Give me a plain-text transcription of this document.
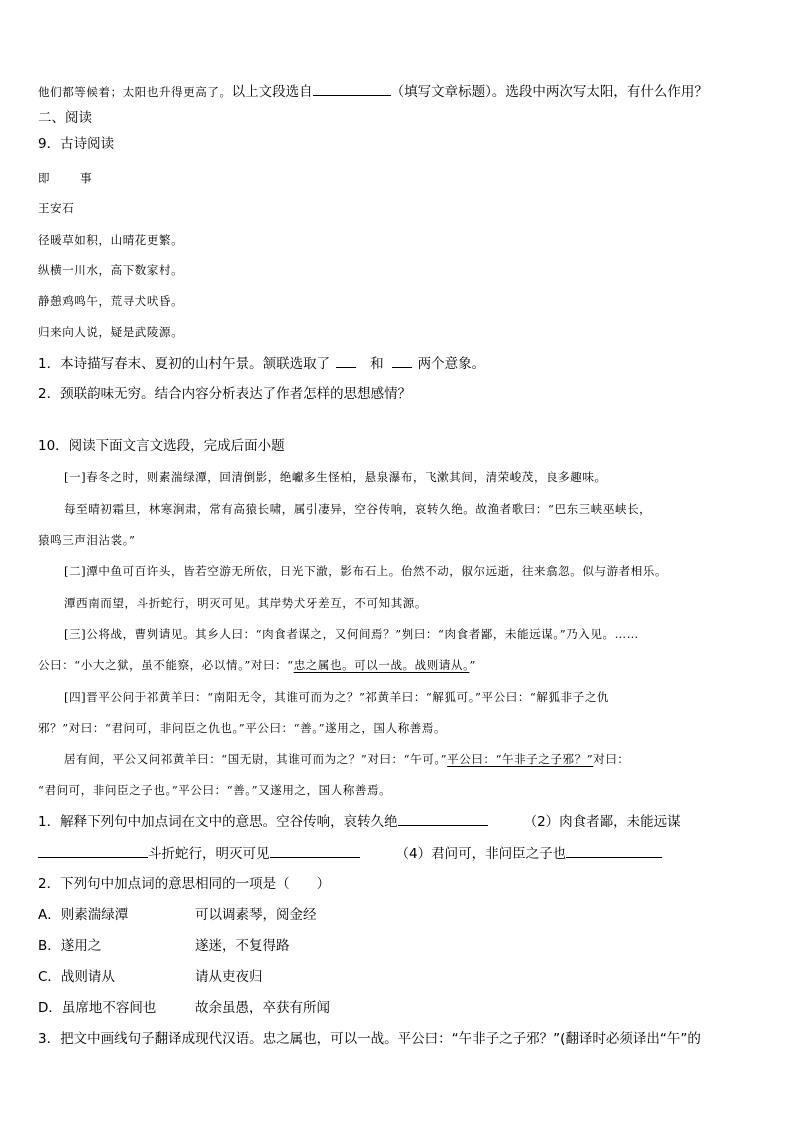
他们都等候着；太阳也升得更高了。以上文段选自	（填写文章标题）。选段中两次写太阳，有什么作用？
二、阅读
9．古诗阅读
即	事
王安石
径暖草如积，山晴花更繁。
纵横一川水，高下数家村。
静憩鸡鸣午，荒寻犬吠昏。
归来向人说，疑是武陵源。
1．本诗描写春末、夏初的山村午景。颔联选取了	和	两个意象。
2．颈联韵味无穷。结合内容分析表达了作者怎样的思想感情？
10．阅读下面文言文选段，完成后面小题
[一]春冬之时，则素湍绿潭，回清倒影，绝巘多生怪柏，悬泉瀑布，飞漱其间，清荣峻茂，良多趣味。
每至晴初霜旦，林寒涧肃，常有高猿长啸，属引凄异，空谷传响，哀转久绝。故渔者歌曰：“巴东三峡巫峡长，
猿鸣三声泪沾裳。”
[二]潭中鱼可百许头，皆若空游无所依，日光下澈，影布石上。佁然不动，俶尔远逝，往来翕忽。似与游者相乐。
潭西南而望，斗折蛇行，明灭可见。其岸势犬牙差互，不可知其源。
[三]公将战，曹刿请见。其乡人曰：“肉食者谋之，又何间焉？”刿曰：“肉食者鄙，未能远谋。”乃入见。……
公曰：“小大之狱，虽不能察，必以情。”对曰：“忠之属也。可以一战。战则请从。”
[四]晋平公问于祁黄羊曰：“南阳无令，其谁可而为之？”祁黄羊曰：“解狐可。”平公曰：“解狐非子之仇
邪？”对曰：“君问可，非问臣之仇也。”平公曰：“善。”遂用之，国人称善焉。
居有间，平公又问祁黄羊曰：“国无尉，其谁可而为之？”对曰：“午可。”平公曰：“午非子之子邪？”对曰：
“君问可，非问臣之子也。”平公曰：“善。”又遂用之，国人称善焉。
1．解释下列句中加点词在文中的意思。空谷传响，哀转久绝	（2）肉食者鄙，未能远谋
斗折蛇行，明灭可见	（4）君问可，非问臣之子也
2．下列句中加点词的意思相同的一项是（　　）
A．则素湍绿潭	可以调素琴，阅金经
B．遂用之	遂迷，不复得路
C．战则请从	请从吏夜归
D．虽席地不容间也	故余虽愚，卒获有所闻
3．把文中画线句子翻译成现代汉语。忠之属也，可以一战。平公曰：“午非子之子邪？”(翻译时必须译出“午”的
